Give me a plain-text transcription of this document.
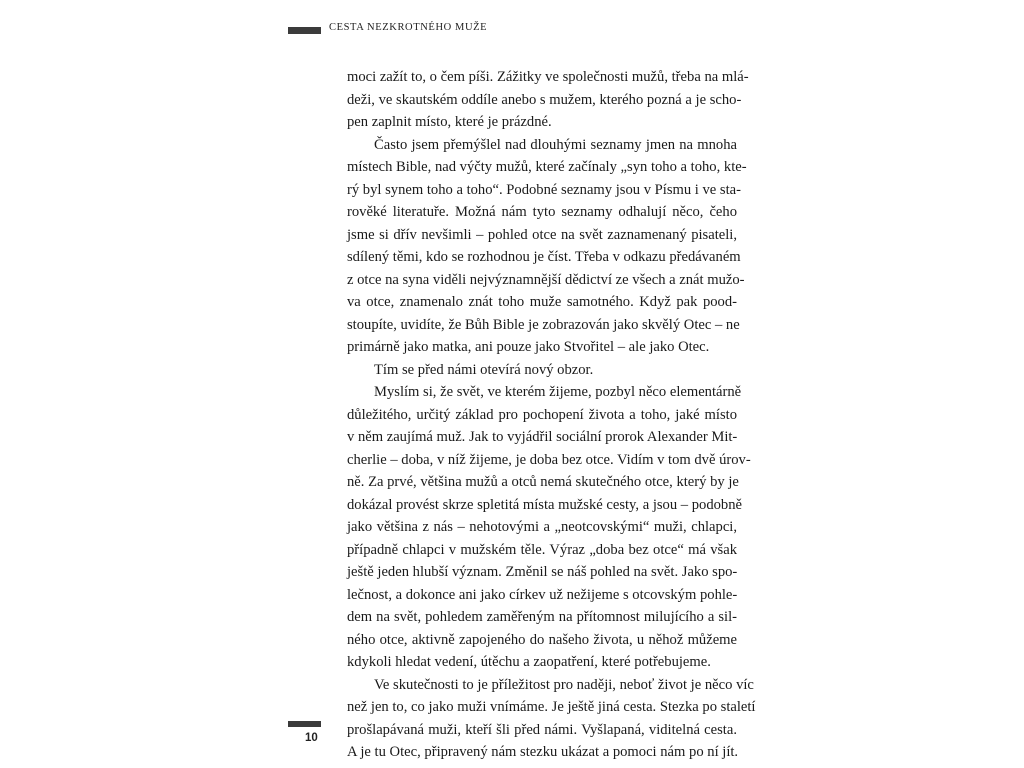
CESTA NEZKROTNÉHO MUŽE
moci zažít to, o čem píši. Zážitky ve společnosti mužů, třeba na mlá-
deži, ve skautském oddíle anebo s mužem, kterého pozná a je scho-
pen zaplnit místo, které je prázdné.
Často jsem přemýšlel nad dlouhými seznamy jmen na mnoha
místech Bible, nad výčty mužů, které začínaly „syn toho a toho, kte-
rý byl synem toho a toho“. Podobné seznamy jsou v Písmu i ve sta-
rověké literatuře. Možná nám tyto seznamy odhalují něco, čeho
jsme si dřív nevšimli – pohled otce na svět zaznamenaný pisateli,
sdílený těmi, kdo se rozhodnou je číst. Třeba v odkazu předávaném
z otce na syna viděli nejvýznamnější dědictví ze všech a znát mužo-
va otce, znamenalo znát toho muže samotného. Když pak pood-
stoupíte, uvidíte, že Bůh Bible je zobrazován jako skvělý Otec – ne
primárně jako matka, ani pouze jako Stvořitel – ale jako Otec.
Tím se před námi otevírá nový obzor.
Myslím si, že svět, ve kterém žijeme, pozbyl něco elementárně
důležitého, určitý základ pro pochopení života a toho, jaké místo
v něm zaujímá muž. Jak to vyjádřil sociální prorok Alexander Mit-
cherlie – doba, v níž žijeme, je doba bez otce. Vidím v tom dvě úrov-
ně. Za prvé, většina mužů a otců nemá skutečného otce, který by je
dokázal provést skrze spletitá místa mužské cesty, a jsou – podobně
jako většina z nás – nehotovými a „neotcovskými“ muži, chlapci,
případně chlapci v mužském těle. Výraz „doba bez otce“ má však
ještě jeden hlubší význam. Změnil se náš pohled na svět. Jako spo-
lečnost, a dokonce ani jako církev už nežijeme s otcovským pohle-
dem na svět, pohledem zaměřeným na přítomnost milujícího a sil-
ného otce, aktivně zapojeného do našeho života, u něhož můžeme
kdykoli hledat vedení, útěchu a zaopatření, které potřebujeme.
Ve skutečnosti to je příležitost pro naději, neboť život je něco víc
než jen to, co jako muži vnímáme. Je ještě jiná cesta. Stezka po staletí
prošlapávaná muži, kteří šli před námi. Vyšlapaná, viditelná cesta.
A je tu Otec, připravený nám stezku ukázat a pomoci nám po ní jít.
10
